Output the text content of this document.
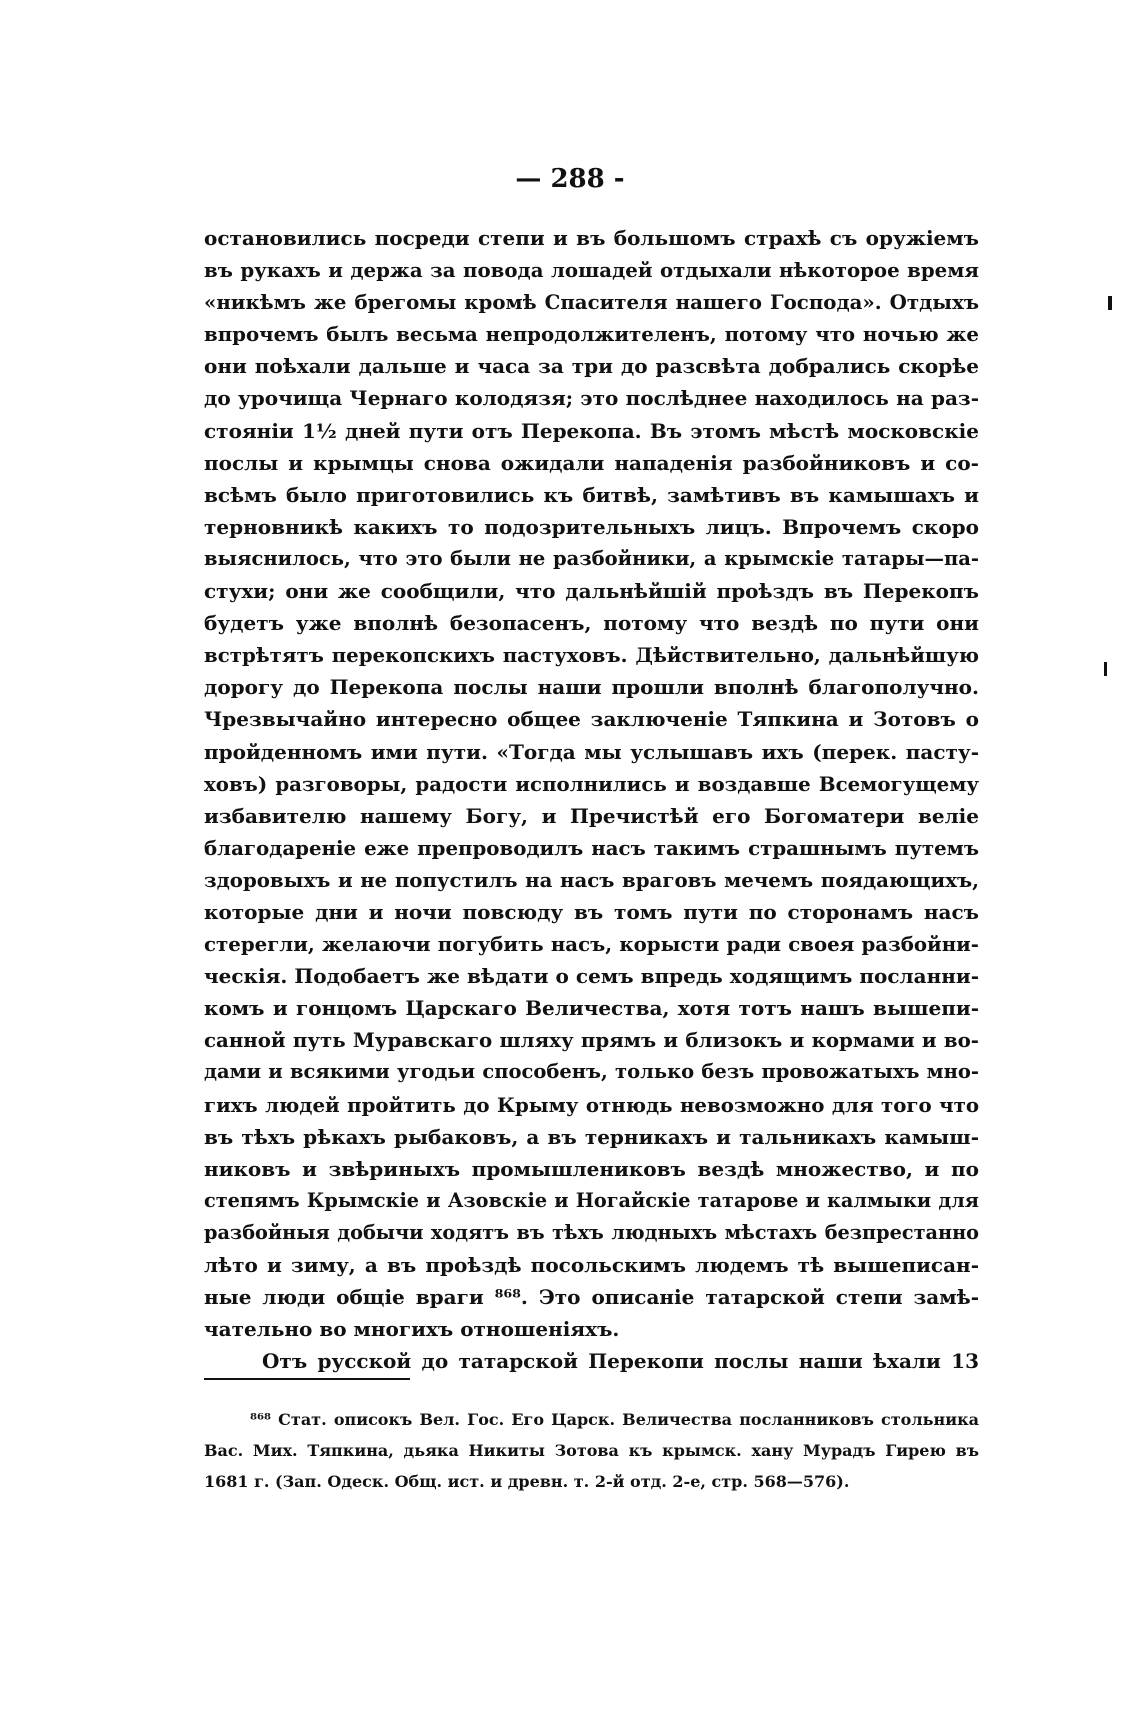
— 288 -
остановились посреди степи и въ большомъ страхѣ съ оружіемъ
въ рукахъ и держа за повода лошадей отдыхали нѣкоторое время
«никѣмъ же брегомы кромѣ Спасителя нашего Господа». Отдыхъ
впрочемъ былъ весьма непродолжителенъ, потому что ночью же
они поѣхали дальше и часа за три до разсвѣта добрались скорѣе
до урочища Чернаго колодязя; это послѣднее находилось на раз-
стояніи 1½ дней пути отъ Перекопа. Въ этомъ мѣстѣ московскіе
послы и крымцы снова ожидали нападенія разбойниковъ и со-
всѣмъ было приготовились къ битвѣ, замѣтивъ въ камышахъ и
терновникѣ какихъ то подозрительныхъ лицъ. Впрочемъ скоро
выяснилось, что это были не разбойники, а крымскіе татары—па-
стухи; они же сообщили, что дальнѣйшій проѣздъ въ Перекопъ
будетъ уже вполнѣ безопасенъ, потому что вездѣ по пути они
встрѣтятъ перекопскихъ пастуховъ. Дѣйствительно, дальнѣйшую
дорогу до Перекопа послы наши прошли вполнѣ благополучно.
Чрезвычайно интересно общее заключеніе Тяпкина и Зотовъ о
пройденномъ ими пути. «Тогда мы услышавъ ихъ (перек. пасту-
ховъ) разговоры, радости исполнились и воздавше Всемогущему
избавителю нашему Богу, и Пречистѣй его Богоматери веліе
благодареніе еже препроводилъ насъ такимъ страшнымъ путемъ
здоровыхъ и не попустилъ на насъ враговъ мечемъ поядающихъ,
которые дни и ночи повсюду въ томъ пути по сторонамъ насъ
стерегли, желаючи погубить насъ, корысти ради своея разбойни-
ческія. Подобаетъ же вѣдати о семъ впредь ходящимъ посланни-
комъ и гонцомъ Царскаго Величества, хотя тотъ нашъ вышепи-
санной путь Муравскагo шляху прямъ и близокъ и кормами и во-
дами и всякими угодьи способенъ, только безъ провожатыхъ мно-
гихъ людей пройтить до Крыму отнюдь невозможно для того что
въ тѣхъ рѣкахъ рыбаковъ, а въ терникахъ и тальникахъ камыш-
никовъ и звѣриныхъ промышлениковъ вездѣ множество, и по
степямъ Крымскіе и Азовскіе и Ногайскіе татарове и калмыки для
разбойныя добычи ходятъ въ тѣхъ людныхъ мѣстахъ безпрестанно
лѣто и зиму, а въ проѣздѣ посольскимъ людемъ тѣ вышеписан-
ные люди общіе враги ⁸⁶⁸. Это описаніе татарской степи замѣ-
чательно во многихъ отношеніяхъ.
Отъ русской до татарской Перекопи послы наши ѣхали 13
⁸⁶⁸ Стат. описокъ Вел. Гос. Его Царск. Величества посланниковъ стольника
Вас. Мих. Тяпкина, дьяка Никиты Зотова къ крымск. хану Мурадъ Гирею въ
1681 г. (Зап. Одеск. Общ. ист. и древн. т. 2-й отд. 2-е, стр. 568—576).
